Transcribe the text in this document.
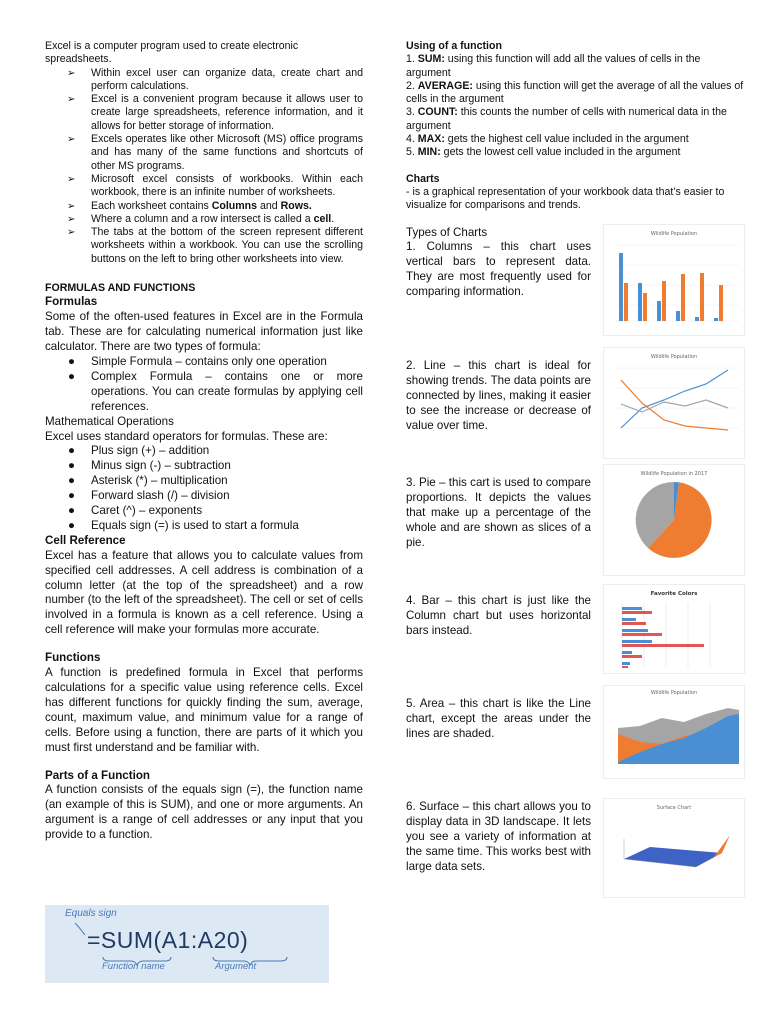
Excel is a computer program used to create electronic spreadsheets.

➢ Within excel user can organize data, create chart and perform calculations.
➢ Excel is a convenient program because it allows user to create large spreadsheets, reference information, and it allows for better storage of information.
➢ Excels operates like other Microsoft (MS) office programs and has many of the same functions and shortcuts of other MS programs.
➢ Microsoft excel consists of workbooks. Within each workbook, there is an infinite number of worksheets.
➢ Each worksheet contains Columns and Rows.
➢ Where a column and a row intersect is called a cell.
➢ The tabs at the bottom of the screen represent different worksheets within a workbook. You can use the scrolling buttons on the left to bring other worksheets into view.

FORMULAS AND FUNCTIONS

Formulas

Some of the often-used features in Excel are in the Formula tab. These are for calculating numerical information just like calculator. There are two types of formula:

● Simple Formula – contains only one operation
● Complex Formula – contains one or more operations. You can create formulas by applying cell references.

Mathematical Operations

Excel uses standard operators for formulas. These are:

● Plus sign (+) – addition
● Minus sign (-) – subtraction
● Asterisk (*) – multiplication
● Forward slash (/) – division
● Caret (^) – exponents
● Equals sign (=) is used to start a formula

Cell Reference

Excel has a feature that allows you to calculate values from specified cell addresses. A cell address is combination of a column letter (at the top of the spreadsheet) and a row number (to the left of the spreadsheet). The cell or set of cells involved in a formula is known as a cell reference. Using a cell reference will make your formulas more accurate.

Functions

A function is predefined formula in Excel that performs calculations for a specific value using reference cells. Excel has different functions for quickly finding the sum, average, count, maximum value, and minimum value for a range of cells. Before using a function, there are parts of it which you must first understand and be familiar with.

Parts of a Function

A function consists of the equals sign (=), the function name (an example of this is SUM), and one or more arguments. An argument is a range of cell addresses or any input that you provide to a function.

Equals sign
=SUM(A1:A20)
Function name	Argument

Using of a function

1. SUM: using this function will add all the values of cells in the argument

2. AVERAGE: using this function will get the average of all the values of cells in the argument

3. COUNT: this counts the number of cells with numerical data in the argument

4. MAX: gets the highest cell value included in the argument

5. MIN: gets the lowest cell value included in the argument

Charts

- is a graphical representation of your workbook data that’s easier to visualize for comparisons and trends.

Types of Charts

1. Columns – this chart uses vertical bars to represent data. They are most frequently used for comparing information.
Wildlife Population
2. Line – this chart is ideal for showing trends. The data points are connected by lines, making it easier to see the increase or decrease of value over time.
Wildlife Population
3. Pie – this cart is used to compare proportions. It depicts the values that make up a percentage of the whole and are shown as slices of a pie.
Wildlife Population in 2017
4. Bar – this chart is just like the Column chart but uses horizontal bars instead.
Favorite Colors
5. Area – this chart is like the Line chart, except the areas under the lines are shaded.
Wildlife Population
6. Surface – this chart allows you to display data in 3D landscape. It lets you see a variety of information at the same time. This works best with large data sets.
Surface Chart
